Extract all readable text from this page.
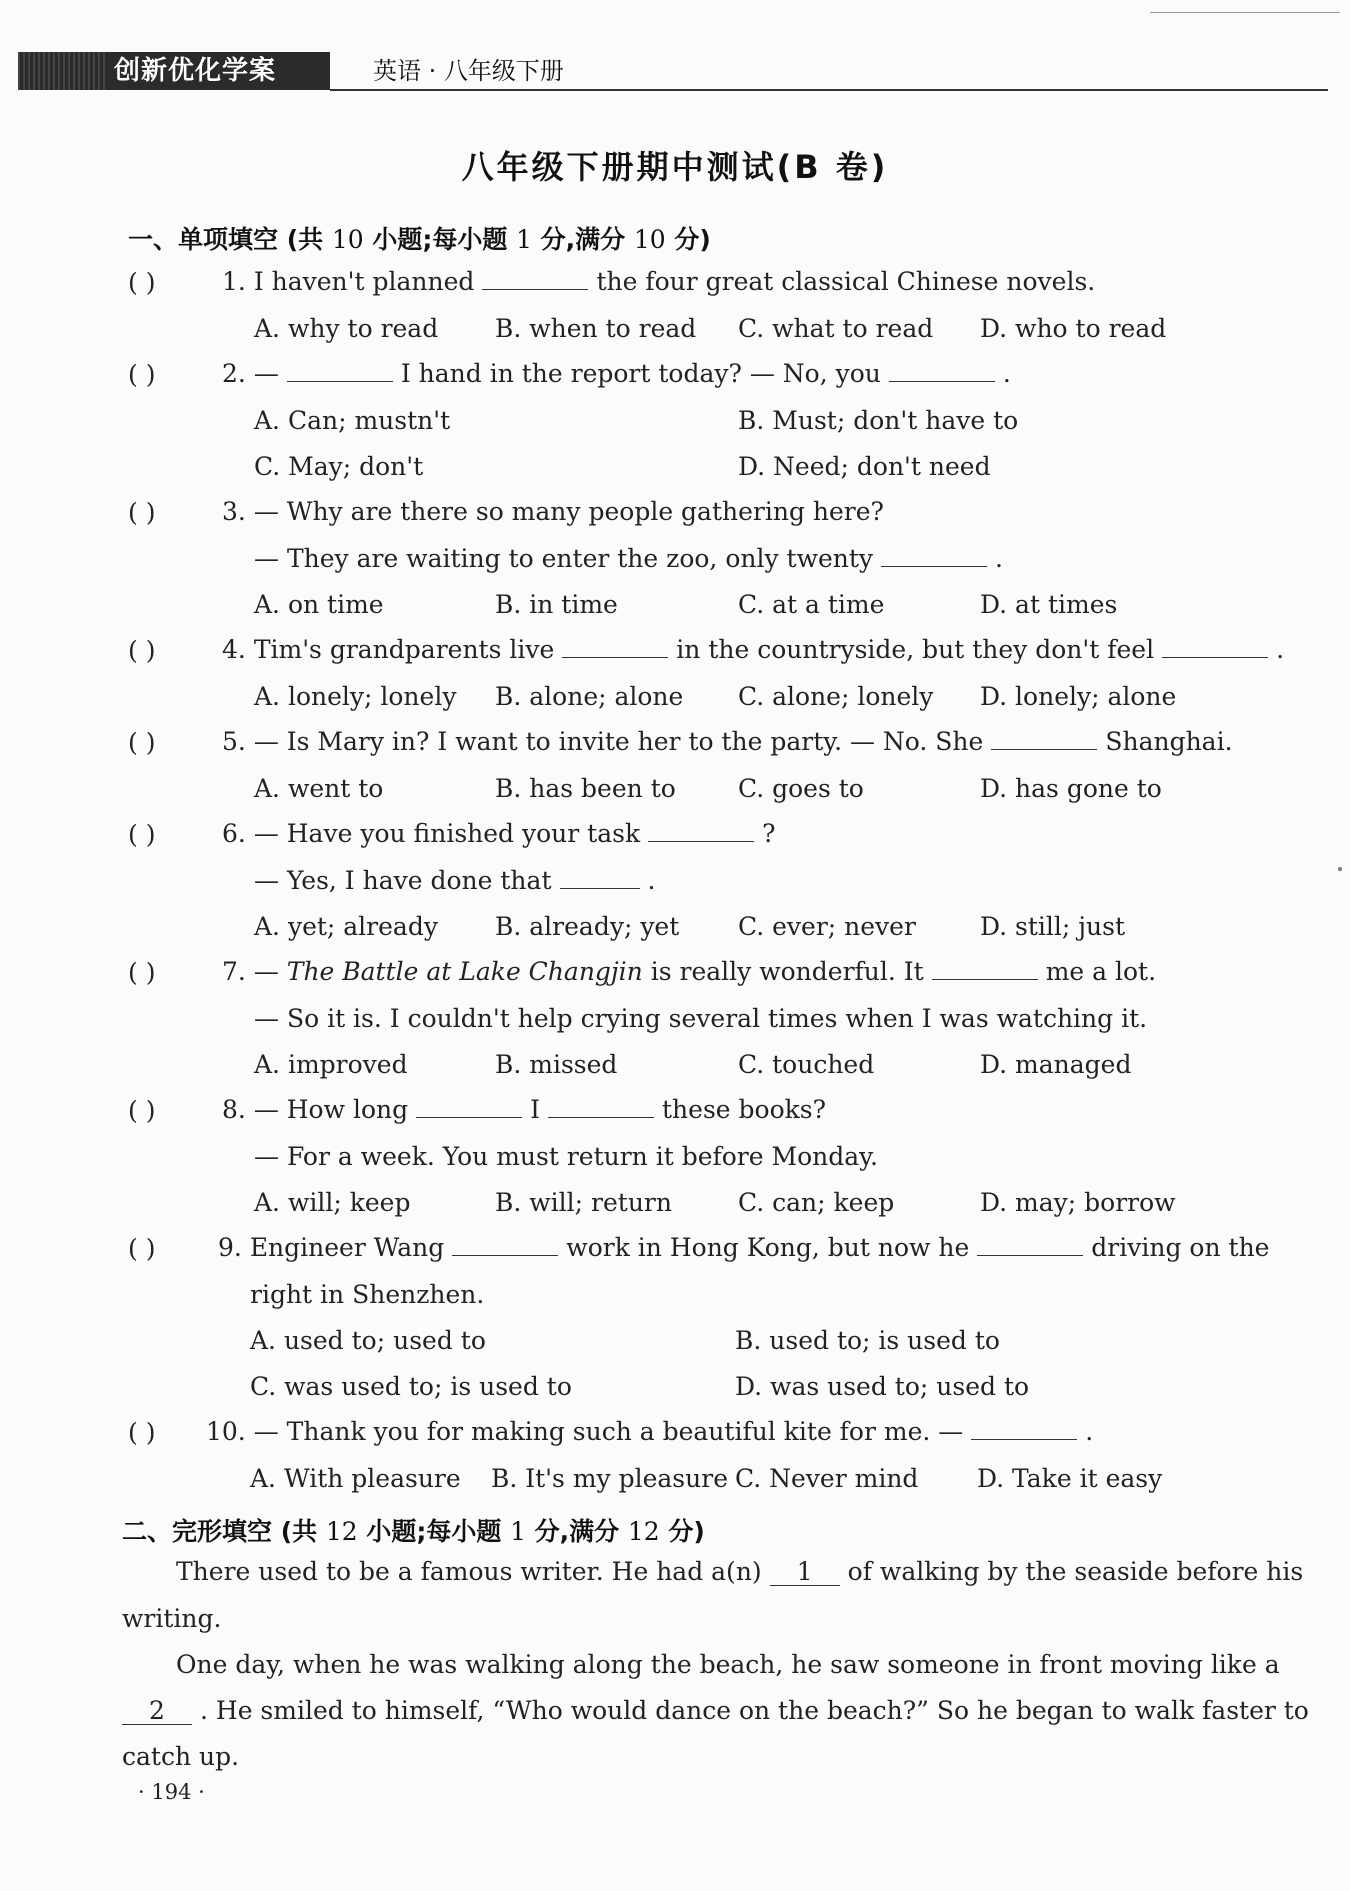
创新优化学案	英语 · 八年级下册
八年级下册期中测试(B 卷)
一、单项填空 (共 10 小题;每小题 1 分,满分 10 分)
( )	1. I haven't planned	the four great classical Chinese novels.
A. why to read B. when to read C. what to read D. who to read
( )	2. —	I hand in the report today? — No, you	.
A. Can; mustn't	B. Must; don't have to
C. May; don't	D. Need; don't need
( )	3. — Why are there so many people gathering here?
— They are waiting to enter the zoo, only twenty	.
A. on time	B. in time	C. at a time	D. at times
( )	4. Tim's grandparents live	in the countryside, but they don't feel	.
A. lonely; lonely B. alone; alone C. alone; lonely D. lonely; alone
( )	5. — Is Mary in? I want to invite her to the party. — No. She	Shanghai.
A. went to	B. has been to C. goes to	D. has gone to
( )	6. — Have you finished your task	?
— Yes, I have done that	.
A. yet; already B. already; yet C. ever; never	D. still; just
( )	7. — The Battle at Lake Changjin is really wonderful. It	me a lot.
— So it is. I couldn't help crying several times when I was watching it.
A. improved	B. missed	C. touched	D. managed
( )	8. — How long	I	these books?
— For a week. You must return it before Monday.
A. will; keep	B. will; return	C. can; keep	D. may; borrow
( )	9. Engineer Wang	work in Hong Kong, but now he	driving on the
right in Shenzhen.
A. used to; used to	B. used to; is used to
C. was used to; is used to	D. was used to; used to
( ) 10. — Thank you for making such a beautiful kite for me. —	.
A. With pleasure B. It's my pleasure C. Never mind D. Take it easy
二、完形填空 (共 12 小题;每小题 1 分,满分 12 分)
There used to be a famous writer. He had a(n) 1 of walking by the seaside before his
writing.
One day, when he was walking along the beach, he saw someone in front moving like a
2 . He smiled to himself, “Who would dance on the beach?” So he began to walk faster to
catch up.
· 194 ·
